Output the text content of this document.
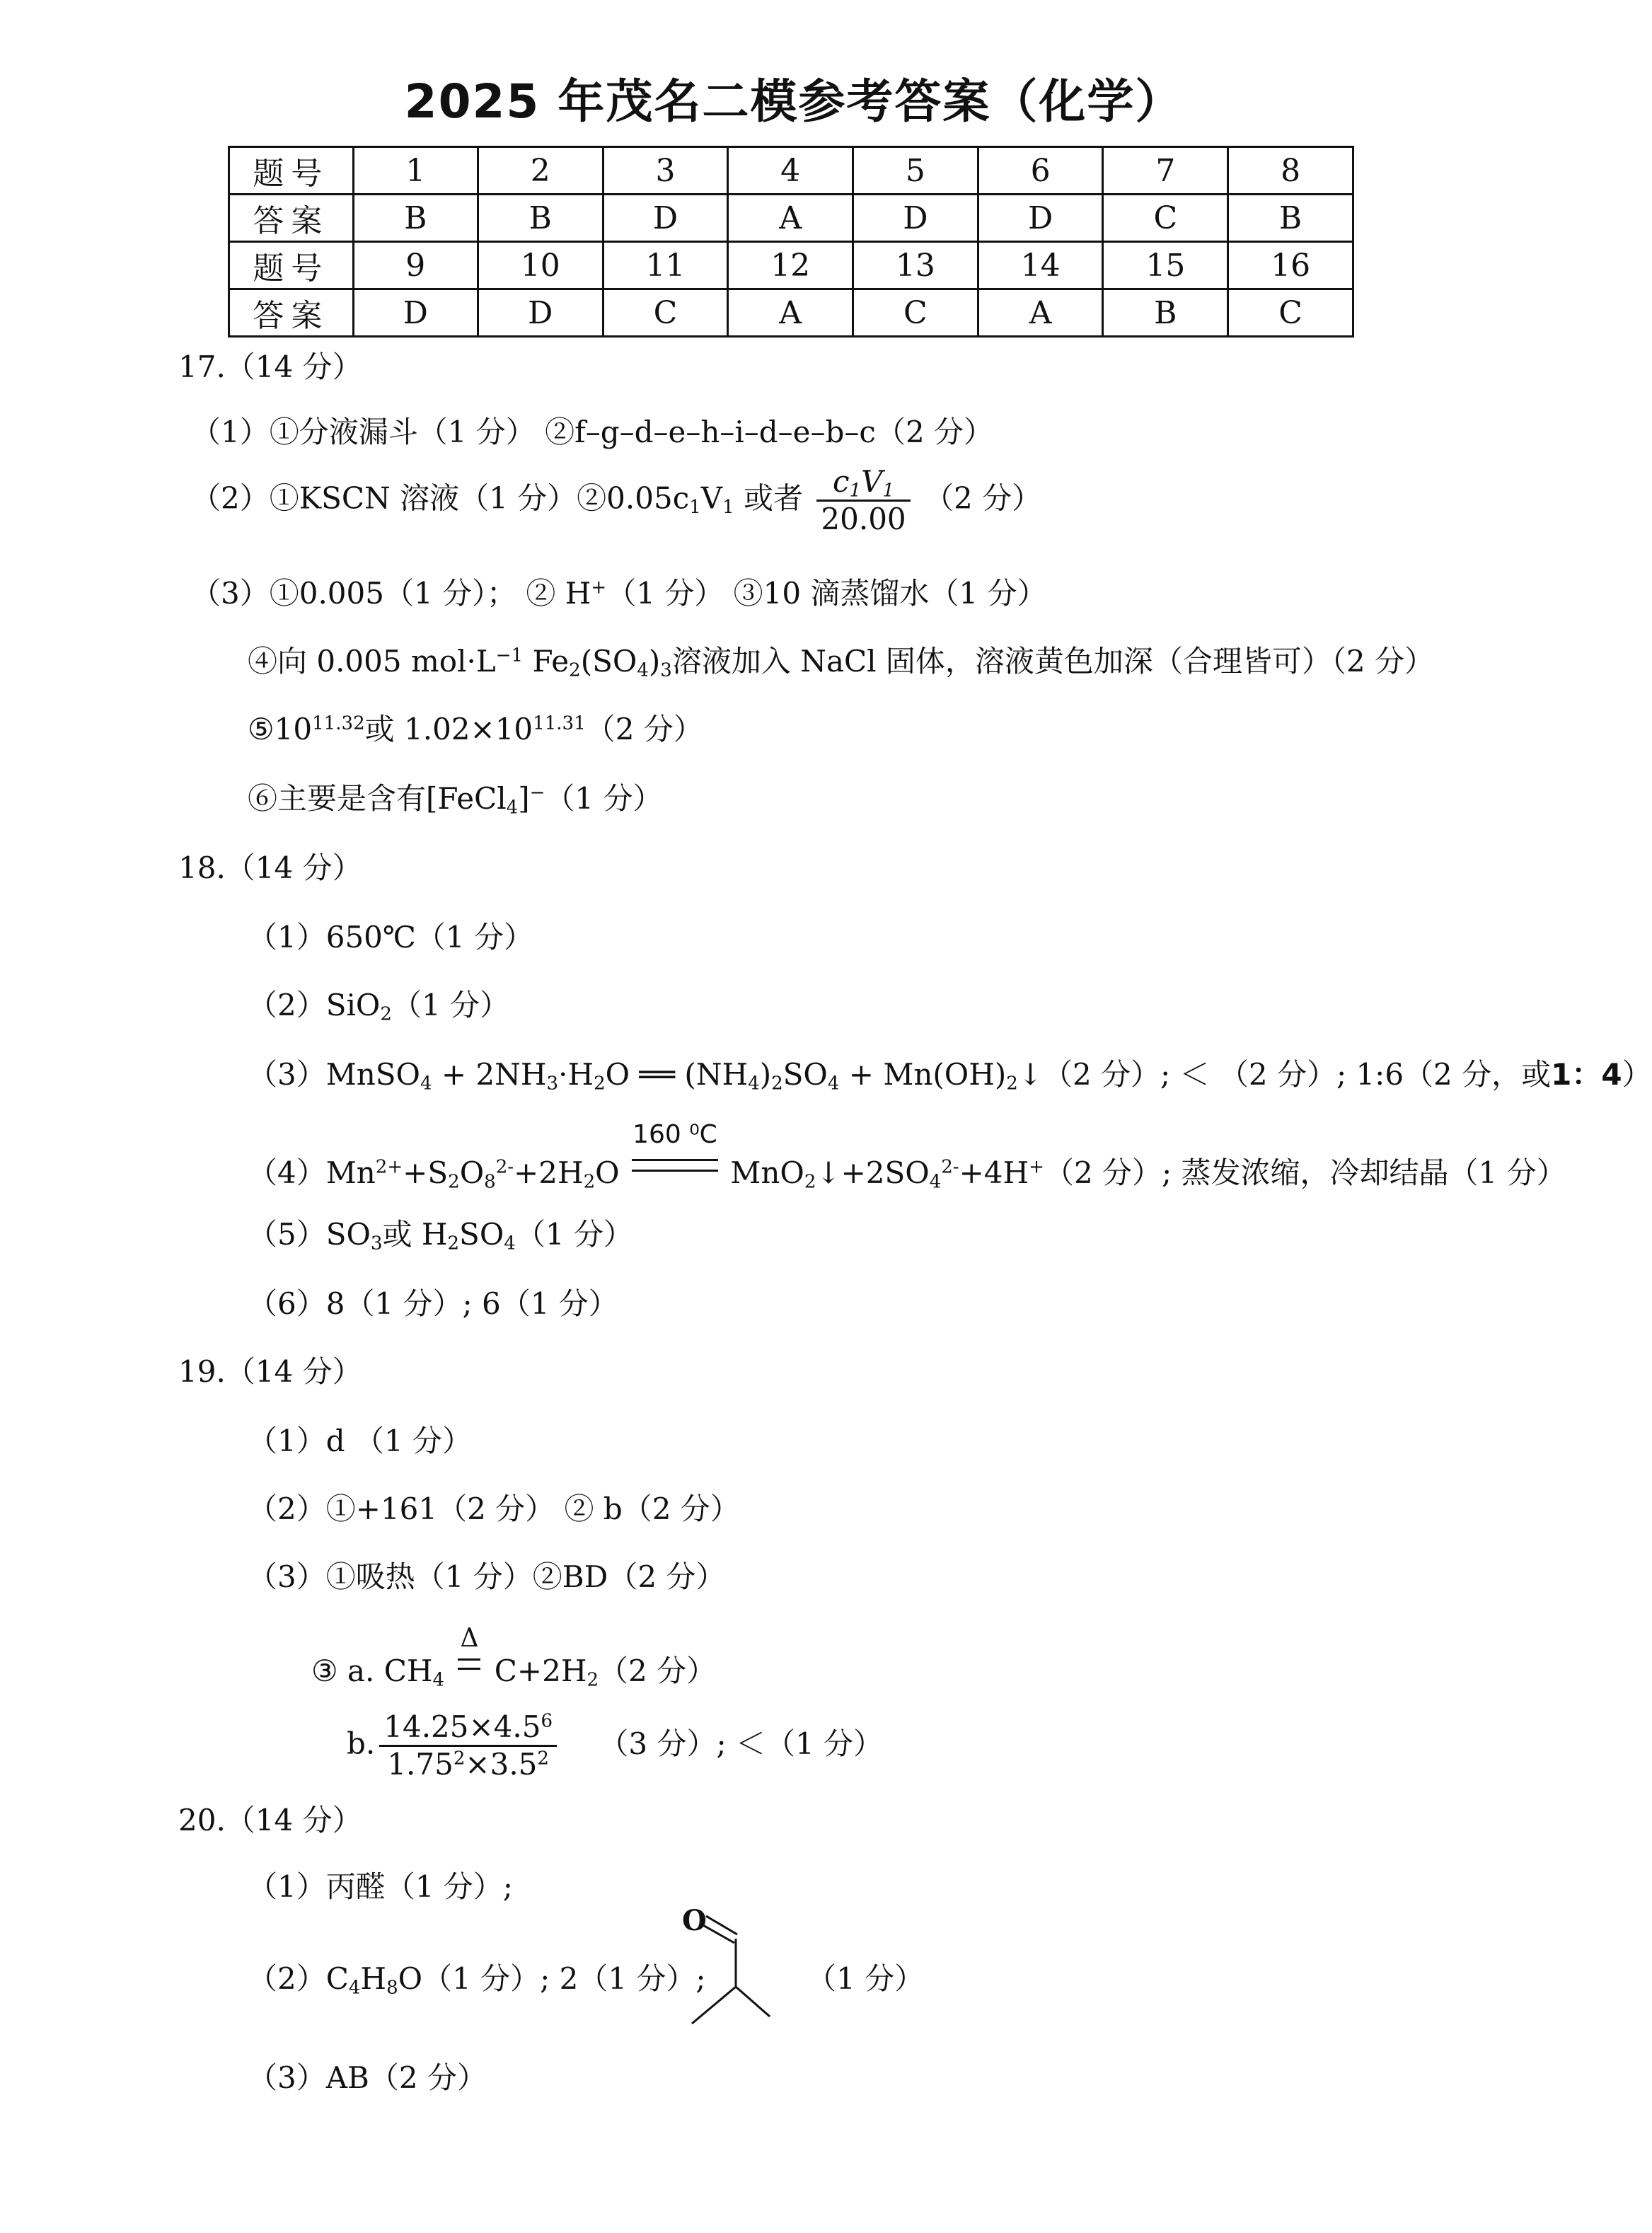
2025 年茂名二模参考答案（化学）
题号	1	2	3	4	5	6	7	8
答案	B	B	D	A	D	D	C	B
题号	9	10	11	12	13	14	15	16
答案	D	D	C	A	C	A	B	C
17.（14 分）
（1）①分液漏斗（1 分） ②f–g–d–e–h–i–d–e–b–c（2 分）
（2）①KSCN 溶液（1 分）$②0.05c_1V_1$ 或者 $\frac{c_1V_1}{20.00} (2$ 分）
（3）①0.005（1 分）； ② H+（1 分） ③10 滴蒸馏水（1 分）
④向 0.005 $mol\cdot L^{-1}$ $Fe_2(SO_4)_3$溶液加入 NaCl 固体，溶液黄色加深（合理皆可）（2 分）
$⑤10^{11.32}$或 $1.02\times 10^{11.31}(2$ 分）
⑥主要是含有[FeCl$_4$]−（1 分）
18.（14 分）
（1）650℃（1 分）
（2）SiO$_2$（1 分）
（3）MnSO$_4$ + $2NH_3\cdot H_2O$ ══ $(NH_4)_2SO_4$ + $Mn(OH)_2↓(2$ 分）; ＜ （2 分）; 1:6（2 分，或1：4）
$(4)Mn^{2+}+S_2O_8^{2-}+2H_2O$
160 ⁰C
$MnO_2↓+2SO_4^{2-}+4H^+(2$ 分）; 蒸发浓缩，冷却结晶（1 分）
$(5)SO_3$或 $H_2SO_4(1$ 分）
（6）8（1 分）; 6（1 分）
19.（14 分）
（1）d （1 分）
（2）①+161（2 分） ② b（2 分）
（3）①吸热（1 分）②BD（2 分）
③ a. $CH_4$
Δ
$C+2H_2(2$ 分）
b. $\frac{14.25\times 4.5^6}{1.75^2\times 3.5^2} (3$ 分）; ＜（1 分）
20.（14 分）
（1）丙醛（1 分）;
$(2)C_4H_8O(1$ 分）; 2（1 分）;
O
（1 分）
（3）AB（2 分）
